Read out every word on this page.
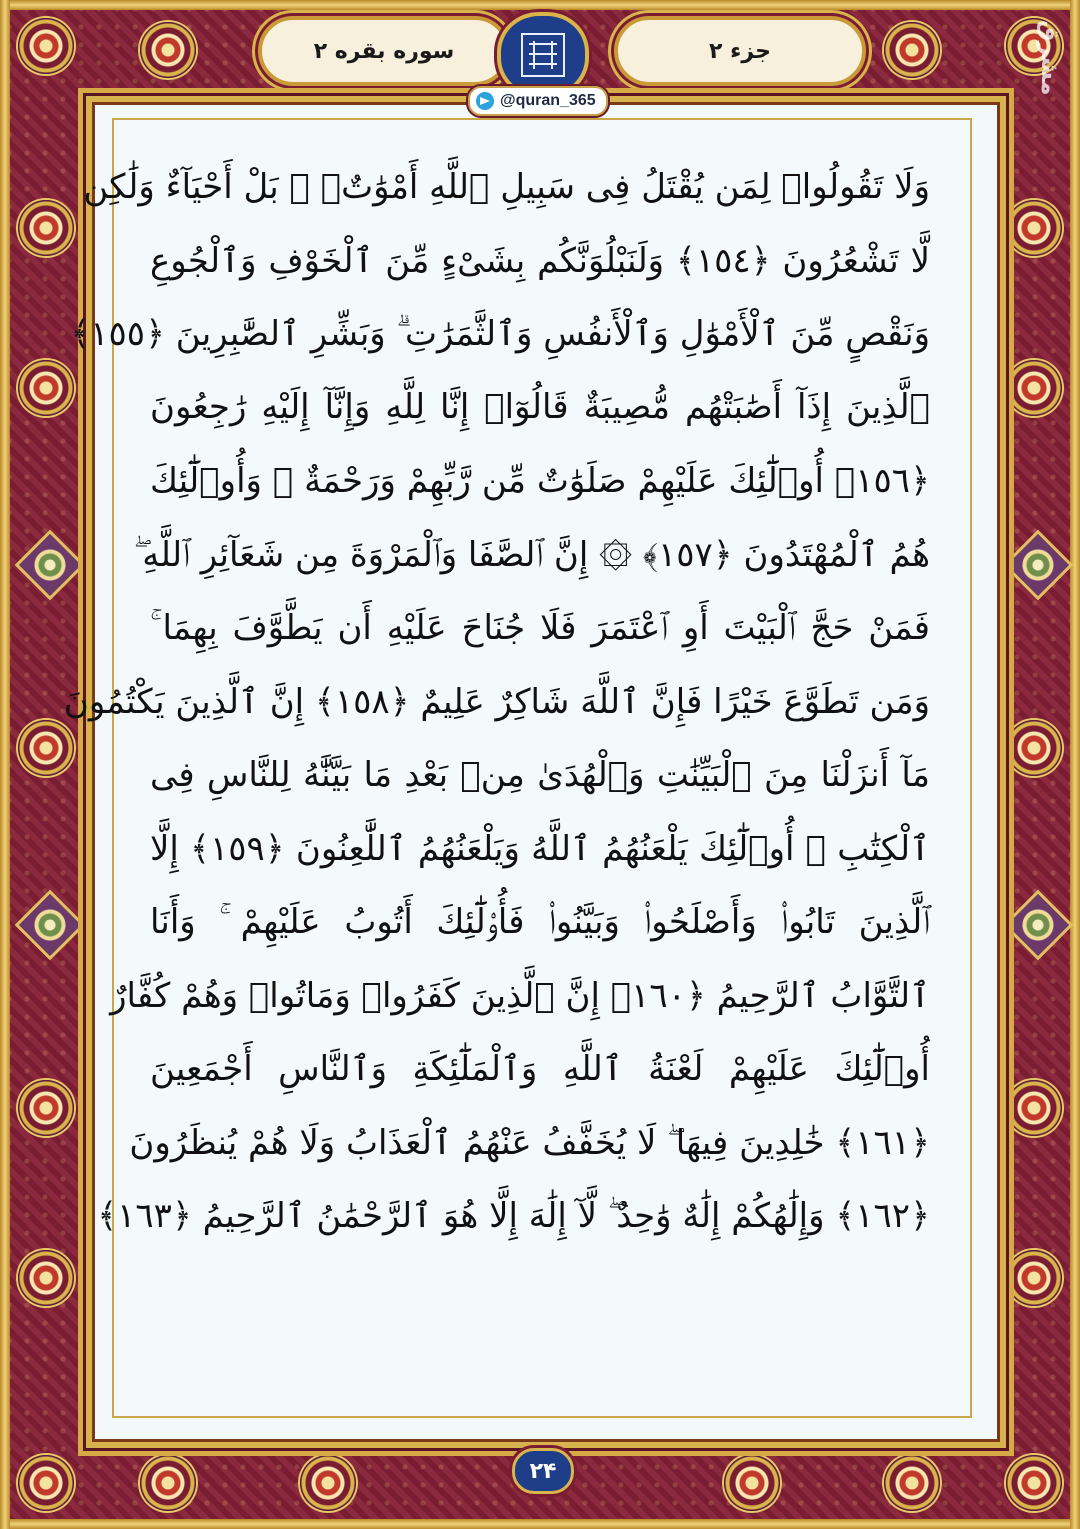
سوره بقره ۲	جزء ۲	مشرق
@quran_365
وَلَا تَقُولُوا۟ لِمَن يُقْتَلُ فِى سَبِيلِ ٱللَّهِ أَمْوَٰتٌۢ ۚ بَلْ أَحْيَآءٌ وَلَٰكِن
لَّا تَشْعُرُونَ ﴿١٥٤﴾ وَلَنَبْلُوَنَّكُم بِشَىْءٍ مِّنَ ٱلْخَوْفِ وَٱلْجُوعِ
وَنَقْصٍ مِّنَ ٱلْأَمْوَٰلِ وَٱلْأَنفُسِ وَٱلثَّمَرَٰتِ ۗ وَبَشِّرِ ٱلصَّٰبِرِينَ ﴿١٥٥﴾
ٱلَّذِينَ إِذَآ أَصَٰبَتْهُم مُّصِيبَةٌ قَالُوٓا۟ إِنَّا لِلَّهِ وَإِنَّآ إِلَيْهِ رَٰجِعُونَ
﴿١٥٦﴾ أُو۟لَٰٓئِكَ عَلَيْهِمْ صَلَوَٰتٌ مِّن رَّبِّهِمْ وَرَحْمَةٌ ۖ وَأُو۟لَٰٓئِكَ
هُمُ ٱلْمُهْتَدُونَ ﴿١٥٧﴾ ۞ إِنَّ ٱلصَّفَا وَٱلْمَرْوَةَ مِن شَعَآئِرِ ٱللَّهِ ۖ
فَمَنْ حَجَّ ٱلْبَيْتَ أَوِ ٱعْتَمَرَ فَلَا جُنَاحَ عَلَيْهِ أَن يَطَّوَّفَ بِهِمَا ۚ
وَمَن تَطَوَّعَ خَيْرًا فَإِنَّ ٱللَّهَ شَاكِرٌ عَلِيمٌ ﴿١٥٨﴾ إِنَّ ٱلَّذِينَ يَكْتُمُونَ
مَآ أَنزَلْنَا مِنَ ٱلْبَيِّنَٰتِ وَٱلْهُدَىٰ مِنۢ بَعْدِ مَا بَيَّنَّٰهُ لِلنَّاسِ فِى
ٱلْكِتَٰبِ ۙ أُو۟لَٰٓئِكَ يَلْعَنُهُمُ ٱللَّهُ وَيَلْعَنُهُمُ ٱللَّٰعِنُونَ ﴿١٥٩﴾ إِلَّا
ٱلَّذِينَ تَابُوا۟ وَأَصْلَحُوا۟ وَبَيَّنُوا۟ فَأُو۟لَٰٓئِكَ أَتُوبُ عَلَيْهِمْ ۚ وَأَنَا
ٱلتَّوَّابُ ٱلرَّحِيمُ ﴿١٦٠﴾ إِنَّ ٱلَّذِينَ كَفَرُوا۟ وَمَاتُوا۟ وَهُمْ كُفَّارٌ
أُو۟لَٰٓئِكَ عَلَيْهِمْ لَعْنَةُ ٱللَّهِ وَٱلْمَلَٰٓئِكَةِ وَٱلنَّاسِ أَجْمَعِينَ
﴿١٦١﴾ خَٰلِدِينَ فِيهَا ۖ لَا يُخَفَّفُ عَنْهُمُ ٱلْعَذَابُ وَلَا هُمْ يُنظَرُونَ
﴿١٦٢﴾ وَإِلَٰهُكُمْ إِلَٰهٌ وَٰحِدٌ ۖ لَّآ إِلَٰهَ إِلَّا هُوَ ٱلرَّحْمَٰنُ ٱلرَّحِيمُ ﴿١٦٣﴾
۲۴
